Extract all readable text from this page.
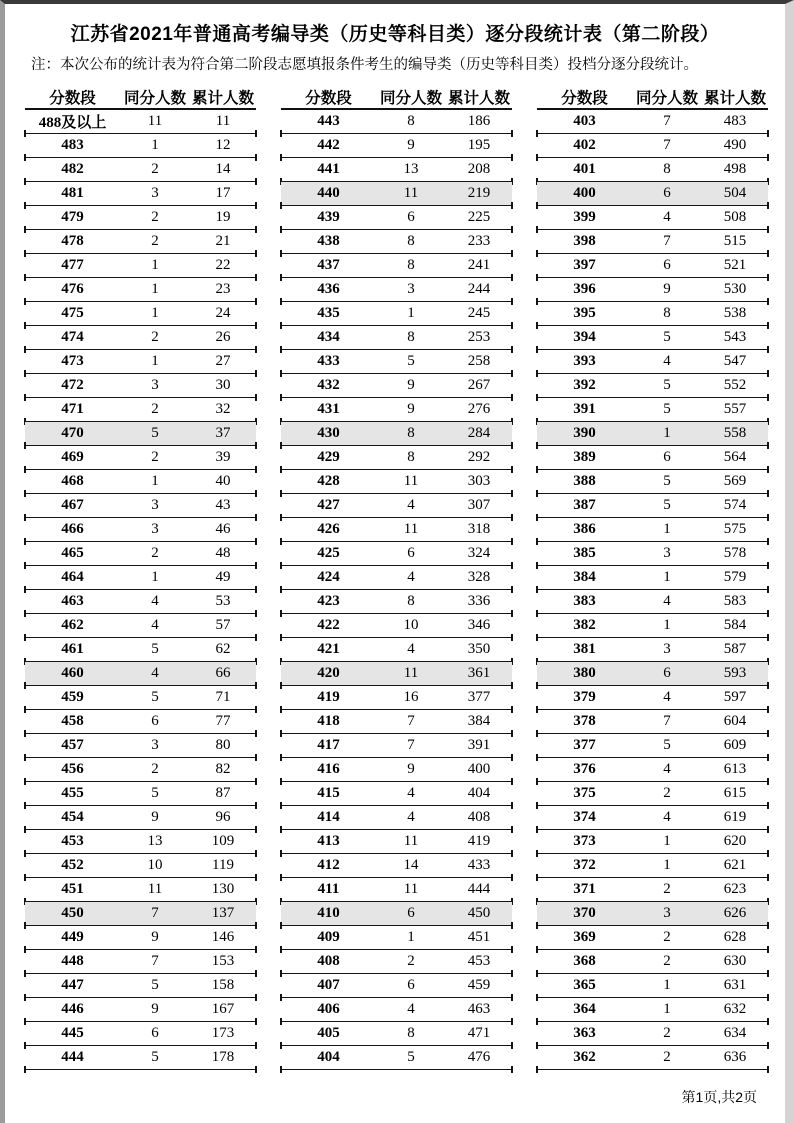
江苏省2021年普通高考编导类（历史等科目类）逐分段统计表（第二阶段）
注：本次公布的统计表为符合第二阶段志愿填报条件考生的编导类（历史等科目类）投档分逐分段统计。
分数段	同分人数 累计人数
488及以上	11	11
483	1	12
482	2	14
481	3	17
479	2	19
478	2	21
477	1	22
476	1	23
475	1	24
474	2	26
473	1	27
472	3	30
471	2	32
470	5	37
469	2	39
468	1	40
467	3	43
466	3	46
465	2	48
464	1	49
463	4	53
462	4	57
461	5	62
460	4	66
459	5	71
458	6	77
457	3	80
456	2	82
455	5	87
454	9	96
453	13	109
452	10	119
451	11	130
450	7	137
449	9	146
448	7	153
447	5	158
446	9	167
445	6	173
444	5	178
分数段	同分人数 累计人数
443	8	186
442	9	195
441	13	208
440	11	219
439	6	225
438	8	233
437	8	241
436	3	244
435	1	245
434	8	253
433	5	258
432	9	267
431	9	276
430	8	284
429	8	292
428	11	303
427	4	307
426	11	318
425	6	324
424	4	328
423	8	336
422	10	346
421	4	350
420	11	361
419	16	377
418	7	384
417	7	391
416	9	400
415	4	404
414	4	408
413	11	419
412	14	433
411	11	444
410	6	450
409	1	451
408	2	453
407	6	459
406	4	463
405	8	471
404	5	476
分数段	同分人数 累计人数
403	7	483
402	7	490
401	8	498
400	6	504
399	4	508
398	7	515
397	6	521
396	9	530
395	8	538
394	5	543
393	4	547
392	5	552
391	5	557
390	1	558
389	6	564
388	5	569
387	5	574
386	1	575
385	3	578
384	1	579
383	4	583
382	1	584
381	3	587
380	6	593
379	4	597
378	7	604
377	5	609
376	4	613
375	2	615
374	4	619
373	1	620
372	1	621
371	2	623
370	3	626
369	2	628
368	2	630
365	1	631
364	1	632
363	2	634
362	2	636
第1页,共2页
